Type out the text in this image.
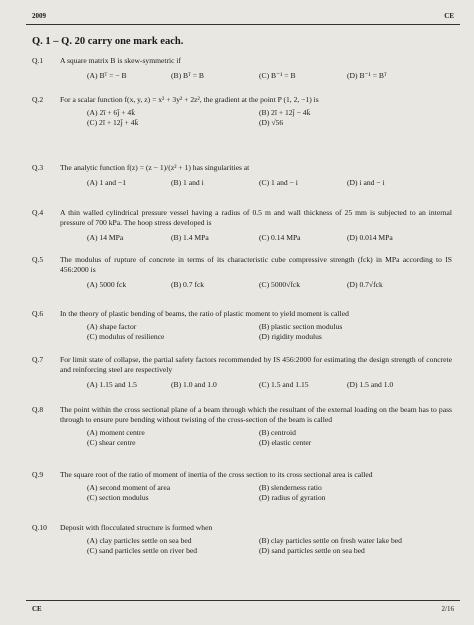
2009	CE
Q. 1 – Q. 20 carry one mark each.
Q.1 A square matrix B is skew-symmetric if
(A) Bᵀ = − B	(B) Bᵀ = B	(C) B⁻¹ = B	(D) B⁻¹ = Bᵀ
Q.2 For a scalar function f(x, y, z) = x² + 3y² + 2z², the gradient at the point P (1, 2, −1) is
(A) 2ī + 6j̄ + 4k̄	(B) 2ī + 12j̄ − 4k̄
(C) 2ī + 12j̄ + 4k̄	(D) √56
Q.3 The analytic function f(z) = (z − 1)/(z² + 1) has singularities at
(A) 1 and −1	(B) 1 and i	(C) 1 and − i	(D) i and − i
Q.4 A thin walled cylindrical pressure vessel having a radius of 0.5 m and wall thickness of 25 mm is subjected to an internal pressure of 700 kPa. The hoop stress developed is
(A) 14 MPa	(B) 1.4 MPa	(C) 0.14 MPa	(D) 0.014 MPa
Q.5 The modulus of rupture of concrete in terms of its characteristic cube compressive strength (fck) in MPa according to IS 456:2000 is
(A) 5000 fck	(B) 0.7 fck	(C) 5000√fck	(D) 0.7√fck
Q.6 In the theory of plastic bending of beams, the ratio of plastic moment to yield moment is called
(A) shape factor	(B) plastic section modulus
(C) modulus of resilience	(D) rigidity modulus
Q.7 For limit state of collapse, the partial safety factors recommended by IS 456:2000 for estimating the design strength of concrete and reinforcing steel are respectively
(A) 1.15 and 1.5	(B) 1.0 and 1.0	(C) 1.5 and 1.15	(D) 1.5 and 1.0
Q.8 The point within the cross sectional plane of a beam through which the resultant of the external loading on the beam has to pass through to ensure pure bending without twisting of the cross-section of the beam is called
(A) moment centre	(B) centroid
(C) shear centre	(D) elastic center
Q.9 The square root of the ratio of moment of inertia of the cross section to its cross sectional area is called
(A) second moment of area	(B) slenderness ratio
(C) section modulus	(D) radius of gyration
Q.10 Deposit with flocculated structure is formed when
(A) clay particles settle on sea bed	(B) clay particles settle on fresh water lake bed
(C) sand particles settle on river bed	(D) sand particles settle on sea bed
CE	2/16
